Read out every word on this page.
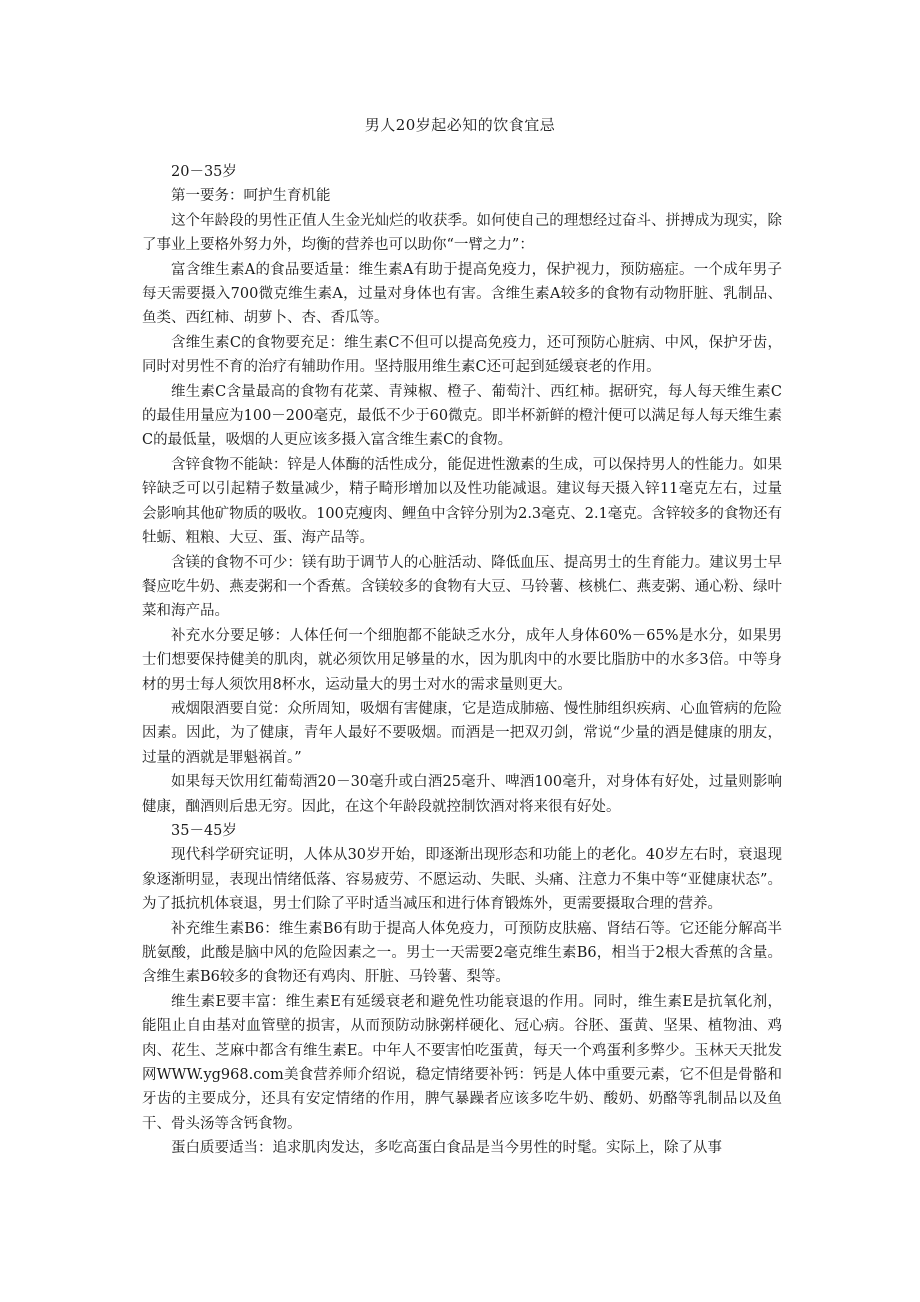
男人20岁起必知的饮食宜忌

20－35岁

第一要务：呵护生育机能

这个年龄段的男性正值人生金光灿烂的收获季。如何使自己的理想经过奋斗、拼搏成为现实，除了事业上要格外努力外，均衡的营养也可以助你“一臂之力”：

富含维生素A的食品要适量：维生素A有助于提高免疫力，保护视力，预防癌症。一个成年男子每天需要摄入700微克维生素A，过量对身体也有害。含维生素A较多的食物有动物肝脏、乳制品、鱼类、西红柿、胡萝卜、杏、香瓜等。

含维生素C的食物要充足：维生素C不但可以提高免疫力，还可预防心脏病、中风，保护牙齿，同时对男性不育的治疗有辅助作用。坚持服用维生素C还可起到延缓衰老的作用。

维生素C含量最高的食物有花菜、青辣椒、橙子、葡萄汁、西红柿。据研究，每人每天维生素C的最佳用量应为100－200毫克，最低不少于60微克。即半杯新鲜的橙汁便可以满足每人每天维生素C的最低量，吸烟的人更应该多摄入富含维生素C的食物。

含锌食物不能缺：锌是人体酶的活性成分，能促进性激素的生成，可以保持男人的性能力。如果锌缺乏可以引起精子数量减少，精子畸形增加以及性功能减退。建议每天摄入锌11毫克左右，过量会影响其他矿物质的吸收。100克瘦肉、鲤鱼中含锌分别为2.3毫克、2.1毫克。含锌较多的食物还有牡蛎、粗粮、大豆、蛋、海产品等。

含镁的食物不可少：镁有助于调节人的心脏活动、降低血压、提高男士的生育能力。建议男士早餐应吃牛奶、燕麦粥和一个香蕉。含镁较多的食物有大豆、马铃薯、核桃仁、燕麦粥、通心粉、绿叶菜和海产品。

补充水分要足够：人体任何一个细胞都不能缺乏水分，成年人身体60%－65%是水分，如果男士们想要保持健美的肌肉，就必须饮用足够量的水，因为肌肉中的水要比脂肪中的水多3倍。中等身材的男士每人须饮用8杯水，运动量大的男士对水的需求量则更大。

戒烟限酒要自觉：众所周知，吸烟有害健康，它是造成肺癌、慢性肺组织疾病、心血管病的危险因素。因此，为了健康，青年人最好不要吸烟。而酒是一把双刃剑，常说“少量的酒是健康的朋友，过量的酒就是罪魁祸首。”

如果每天饮用红葡萄酒20－30毫升或白酒25毫升、啤酒100毫升，对身体有好处，过量则影响健康，酗酒则后患无穷。因此，在这个年龄段就控制饮酒对将来很有好处。

35－45岁

现代科学研究证明，人体从30岁开始，即逐渐出现形态和功能上的老化。40岁左右时，衰退现象逐渐明显，表现出情绪低落、容易疲劳、不愿运动、失眠、头痛、注意力不集中等“亚健康状态”。为了抵抗机体衰退，男士们除了平时适当减压和进行体育锻炼外，更需要摄取合理的营养。

补充维生素B6：维生素B6有助于提高人体免疫力，可预防皮肤癌、肾结石等。它还能分解高半胱氨酸，此酸是脑中风的危险因素之一。男士一天需要2毫克维生素B6，相当于2根大香蕉的含量。含维生素B6较多的食物还有鸡肉、肝脏、马铃薯、梨等。

维生素E要丰富：维生素E有延缓衰老和避免性功能衰退的作用。同时，维生素E是抗氧化剂，能阻止自由基对血管壁的损害，从而预防动脉粥样硬化、冠心病。谷胚、蛋黄、坚果、植物油、鸡肉、花生、芝麻中都含有维生素E。中年人不要害怕吃蛋黄，每天一个鸡蛋利多弊少。玉林天天批发网WWW.yg968.com美食营养师介绍说，稳定情绪要补钙：钙是人体中重要元素，它不但是骨骼和牙齿的主要成分，还具有安定情绪的作用，脾气暴躁者应该多吃牛奶、酸奶、奶酪等乳制品以及鱼干、骨头汤等含钙食物。

蛋白质要适当：追求肌肉发达，多吃高蛋白食品是当今男性的时髦。实际上，除了从事
